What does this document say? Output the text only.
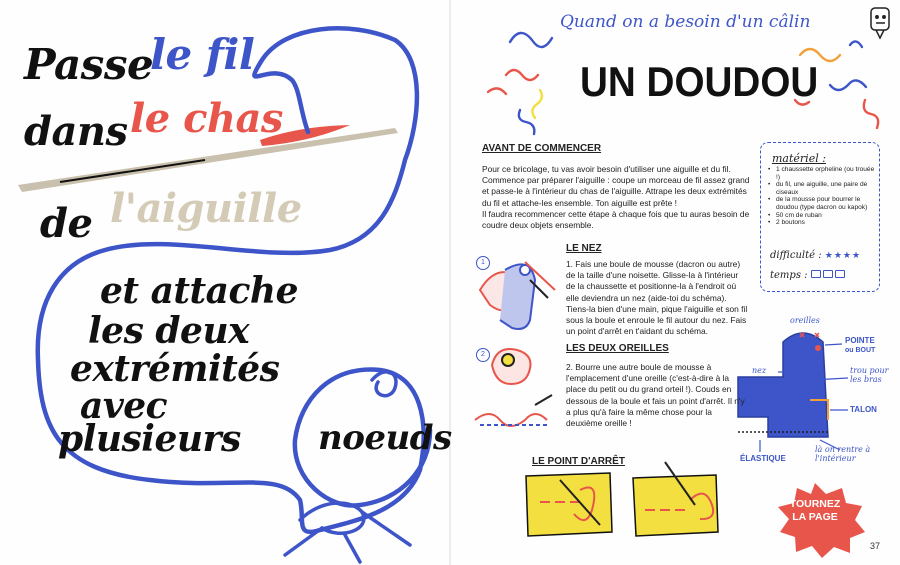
Passe
le fil
dans le chas
de l'aiguille
et attache
les deux
extrémités
avec
plusieurs noeuds
Quand on a besoin d'un câlin
UN DOUDOU
AVANT DE COMMENCER

Pour ce bricolage, tu vas avoir besoin d'utiliser une aiguille et du fil. Commence par préparer l'aiguille : coupe un morceau de fil assez grand et passe-le à l'intérieur du chas de l'aiguille. Attrape les deux extrémités du fil et attache-les ensemble. Ton aiguille est prête !

Il faudra recommencer cette étape à chaque fois que tu auras besoin de coudre deux objets ensemble.

matériel :
• 1 chaussette orpheline (ou trouée !)
• du fil, une aiguille, une paire de ciseaux
• de la mousse pour bourrer le doudou (type dacron ou kapok)
• 50 cm de ruban
• 2 boutons
difficulté : ★★★★
temps :
1
LE NEZ
1. Fais une boule de mousse (dacron ou autre) de la taille d'une noisette. Glisse-la à l'intérieur de la chaussette et positionne-la à l'endroit où elle deviendra un nez (aide-toi du schéma). Tiens-la bien d'une main, pique l'aiguille et son fil sous la boule et enroule le fil autour du nez. Fais un point d'arrêt en t'aidant du schéma.
2
LES DEUX OREILLES
2. Bourre une autre boule de mousse à l'emplacement d'une oreille (c'est-à-dire à la place du petit ou du grand orteil !). Couds en dessous de la boule et fais un point d'arrêt. Il n'y a plus qu'à faire la même chose pour la deuxième oreille !
LE POINT D'ARRÊT
oreilles
POINTE
ou BOUT
nez	trou pour les bras
TALON
ÉLASTIQUE
là on rentre à l'intérieur
TOURNEZ LA PAGE
37
